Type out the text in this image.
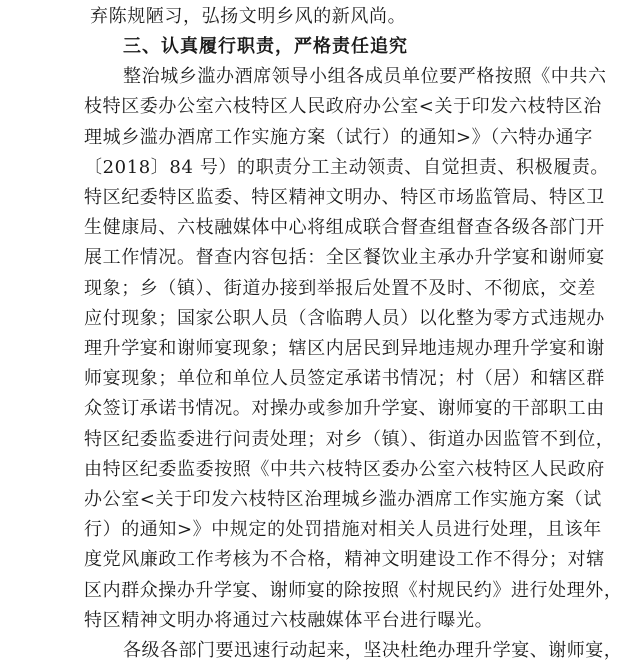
弃陈规陋习，弘扬文明乡风的新风尚。
三、认真履行职责，严格责任追究
整治城乡滥办酒席领导小组各成员单位要严格按照《中共六
枝特区委办公室六枝特区人民政府办公室<关于印发六枝特区治
理城乡滥办酒席工作实施方案（试行）的通知>》（六特办通字
〔2018〕84 号）的职责分工主动领责、自觉担责、积极履责。
特区纪委特区监委、特区精神文明办、特区市场监管局、特区卫
生健康局、六枝融媒体中心将组成联合督查组督查各级各部门开
展工作情况。督查内容包括：全区餐饮业主承办升学宴和谢师宴
现象；乡（镇）、街道办接到举报后处置不及时、不彻底，交差
应付现象；国家公职人员（含临聘人员）以化整为零方式违规办
理升学宴和谢师宴现象；辖区内居民到异地违规办理升学宴和谢
师宴现象；单位和单位人员签定承诺书情况；村（居）和辖区群
众签订承诺书情况。对操办或参加升学宴、谢师宴的干部职工由
特区纪委监委进行问责处理；对乡（镇）、街道办因监管不到位，
由特区纪委监委按照《中共六枝特区委办公室六枝特区人民政府
办公室<关于印发六枝特区治理城乡滥办酒席工作实施方案（试
行）的通知>》中规定的处罚措施对相关人员进行处理，且该年
度党风廉政工作考核为不合格，精神文明建设工作不得分；对辖
区内群众操办升学宴、谢师宴的除按照《村规民约》进行处理外，
特区精神文明办将通过六枝融媒体平台进行曝光。
各级各部门要迅速行动起来，坚决杜绝办理升学宴、谢师宴，
